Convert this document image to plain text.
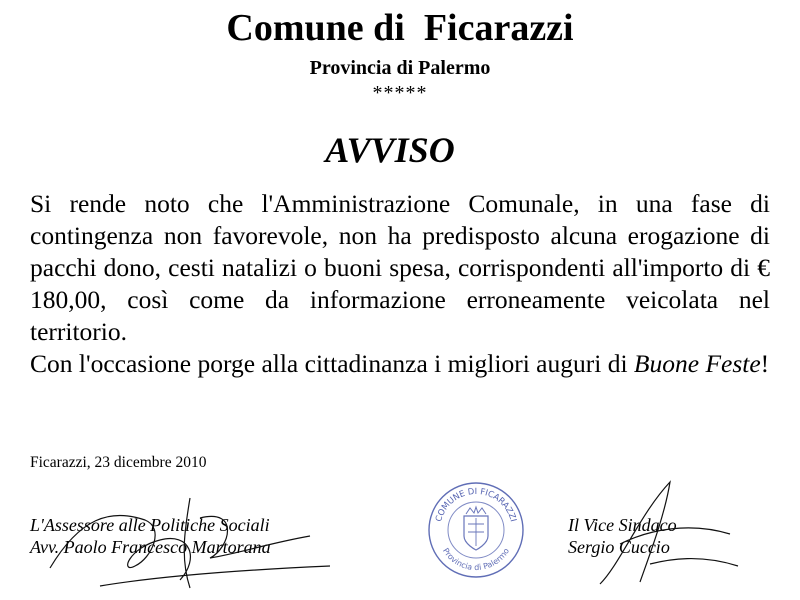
Comune di  Ficarazzi
Provincia di Palermo
*****
AVVISO

Si rende noto che l'Amministrazione Comunale, in una fase di contingenza non favorevole, non ha predisposto alcuna erogazione di pacchi dono, cesti natalizi o buoni spesa, corrispondenti all'importo di € 180,00, così come da informazione erroneamente veicolata nel territorio.

Con l'occasione porge alla cittadinanza i migliori auguri di Buone Feste!

Ficarazzi, 23 dicembre 2010
L'Assessore alle Politiche Sociali
Avv. Paolo Francesco Martorana
Il Vice Sindaco
Sergio Cuccio
COMUNE DI FICARAZZI
Provincia di Palermo
